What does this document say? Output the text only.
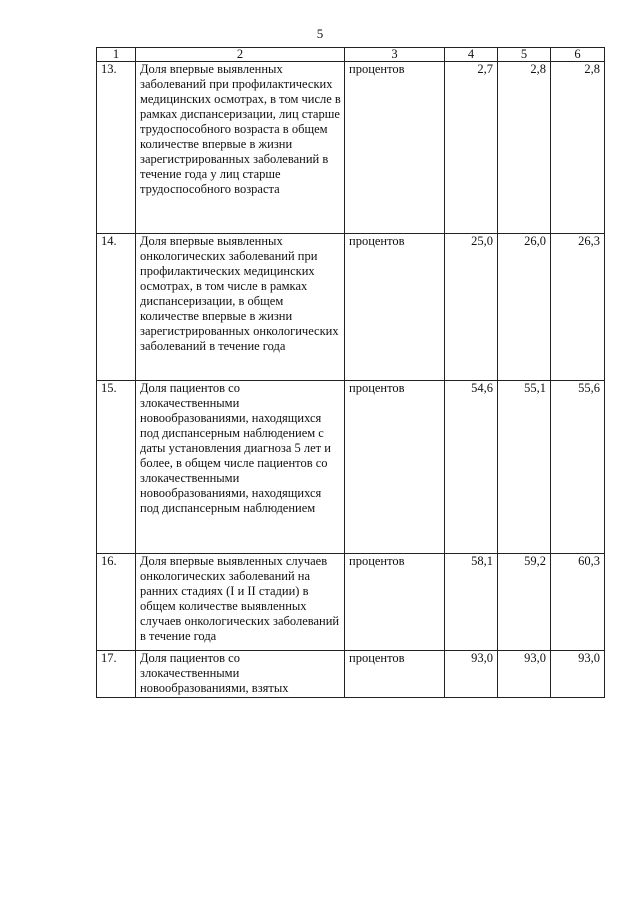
5
1	2	3	4	5	6
13.	Доля впервые выявленных заболеваний при профилактических медицинских осмотрах, в том числе в рамках диспансеризации, лиц старше трудоспособного возраста в общем количестве впервые в жизни зарегистрированных заболеваний в течение года у лиц старше трудоспособного возраста	процентов	2,7	2,8	2,8
14.	Доля впервые выявленных онкологических заболеваний при профилактических медицинских осмотрах, в том числе в рамках диспансеризации, в общем количестве впервые в жизни зарегистрированных онкологических заболеваний в течение года	процентов	25,0	26,0	26,3
15.	Доля пациентов со злокачественными новообразованиями, находящихся под диспансерным наблюдением с даты установления диагноза 5 лет и более, в общем числе пациентов со злокачественными новообразованиями, находящихся под диспансерным наблюдением	процентов	54,6	55,1	55,6
16.	Доля впервые выявленных случаев онкологических заболеваний на ранних стадиях (I и II стадии) в общем количестве выявленных случаев онкологических заболеваний в течение года	процентов	58,1	59,2	60,3
17.	Доля пациентов со злокачественными новообразованиями, взятых	процентов	93,0	93,0	93,0
